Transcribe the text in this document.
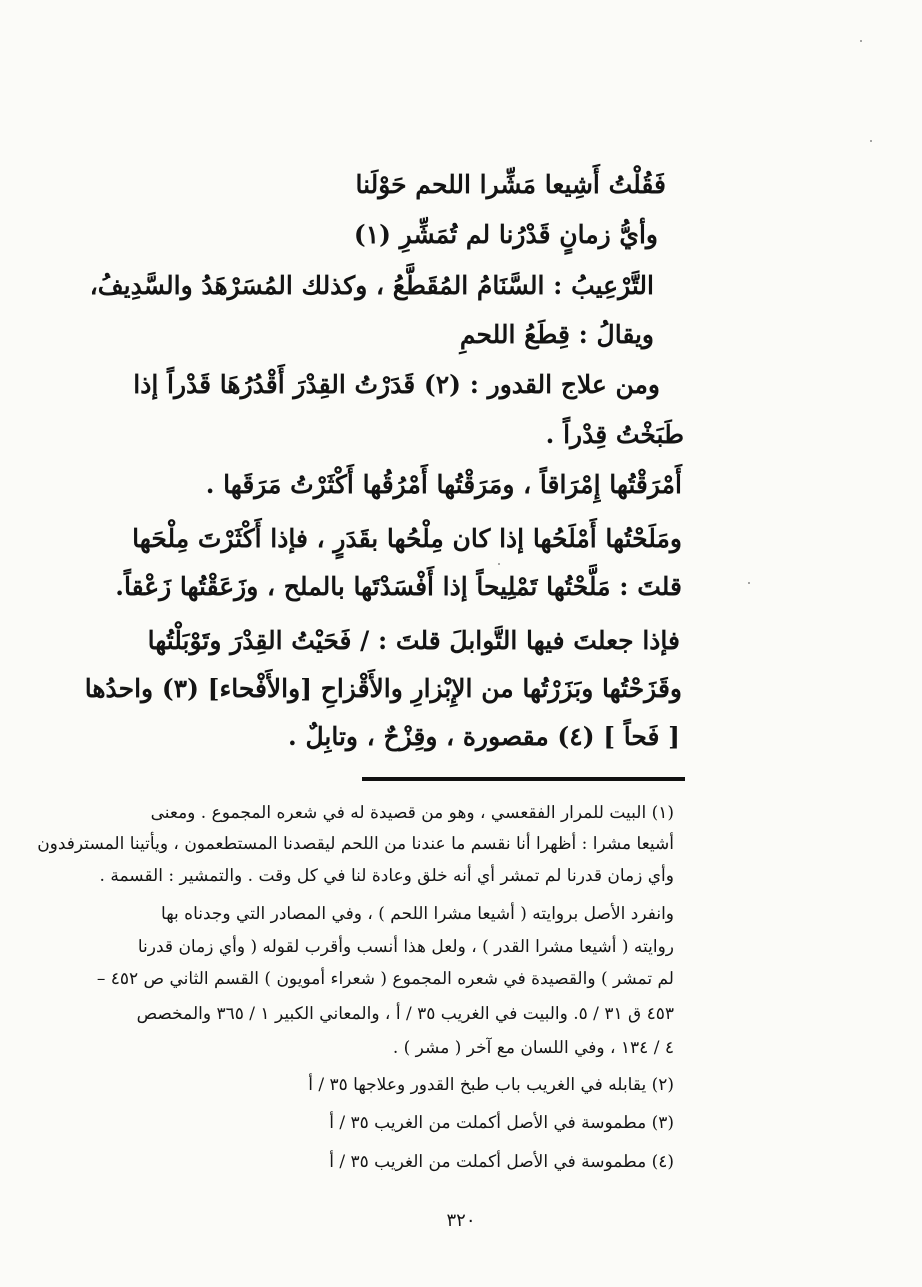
فَقُلْتُ أَشِيعا مَشِّرا اللحم حَوْلَنا
وأيُّ زمانٍ قَدْرُنا لم تُمَشِّرِ (١)
التَّرْعِيبُ : السَّنَامُ المُقَطَّعُ ، وكذلك المُسَرْهَدُ والسَّدِيفُ،
ويقالُ : قِطَعُ اللحمِ
ومن علاج القدور : (٢) قَدَرْتُ القِدْرَ أَقْدُرُهَا قَدْراً إذا
طَبَخْتُ قِدْراً .
أَمْرَقْتُها إِمْرَاقاً ، ومَرَقْتُها أَمْرُقُها أَكْثَرْتُ مَرَقَها .
ومَلَحْتُها أَمْلَحُها إذا كان مِلْحُها بقَدَرٍ ، فإذا أَكْثَرْتَ مِلْحَها
قلتَ : مَلَّحْتُها تَمْلِيحاً إذا أَفْسَدْتَها بالملح ، وزَعَقْتُها زَعْقاً.
فإذا جعلتَ فيها التَّوابلَ قلتَ : / فَحَيْتُ القِدْرَ وتَوْبَلْتُها
وقَزَحْتُها وبَزَرْتُها من الإِبْزارِ والأَقْزاحِ [والأَفْحاء] (٣) واحدُها
[ فَحاً ] (٤) مقصورة ، وقِزْحٌ ، وتابِلٌ .
(١) البيت للمرار الفقعسي ، وهو من قصيدة له في شعره المجموع . ومعنى
أشيعا مشرا : أظهرا أنا نقسم ما عندنا من اللحم ليقصدنا المستطعمون ، ويأتينا المسترفدون
وأي زمان قدرنا لم تمشر أي أنه خلق وعادة لنا في كل وقت . والتمشير : القسمة .
وانفرد الأصل بروايته ( أشيعا مشرا اللحم ) ، وفي المصادر التي وجدناه بها
روايته ( أشيعا مشرا القدر ) ، ولعل هذا أنسب وأقرب لقوله ( وأي زمان قدرنا
لم تمشر ) والقصيدة في شعره المجموع ( شعراء أمويون ) القسم الثاني ص ٤٥٢ –
٤٥٣ ق ٣١ / ٥. والبيت في الغريب ٣٥ / أ ، والمعاني الكبير ١ / ٣٦٥ والمخصص
٤ / ١٣٤ ، وفي اللسان مع آخر ( مشر ) .
(٢) يقابله في الغريب باب طبخ القدور وعلاجها ٣٥ / أ
(٣) مطموسة في الأصل أكملت من الغريب ٣٥ / أ
(٤) مطموسة في الأصل أكملت من الغريب ٣٥ / أ
٣٢٠
